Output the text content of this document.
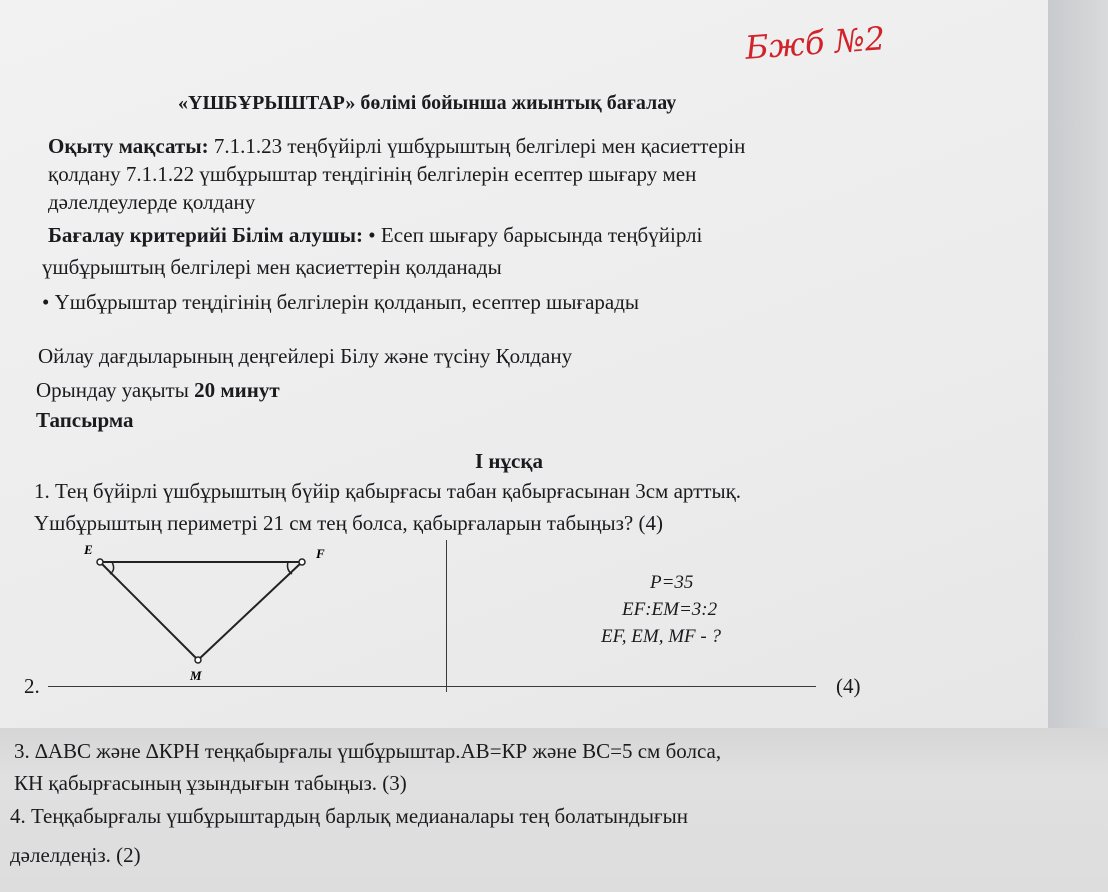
Бжб №2
«ҮШБҰРЫШТАР» бөлімі бойынша жиынтық бағалау
Оқыту мақсаты: 7.1.1.23 теңбүйірлі үшбұрыштың белгілері мен қасиеттерін
қолдану 7.1.1.22 үшбұрыштар теңдігінің белгілерін есептер шығару мен
дәлелдеулерде қолдану
Бағалау критерийі Білім алушы: • Есеп шығару барысында теңбүйірлі
үшбұрыштың белгілері мен қасиеттерін қолданады
• Үшбұрыштар теңдігінің белгілерін қолданып, есептер шығарады
Ойлау дағдыларының деңгейлері Білу және түсіну Қолдану
Орындау уақыты 20 минут
Тапсырма
I нұсқа
1. Тең бүйірлі үшбұрыштың бүйір қабырғасы табан қабырғасынан 3см арттық.
Үшбұрыштың периметрі 21 см тең болса, қабырғаларын табыңыз? (4)
2.	(4)
E	F
M
P=35
EF:EM=3:2
EF, EM, MF - ?
3. ∆АВС және ∆КРН теңқабырғалы үшбұрыштар.АВ=КР және ВС=5 см болса,
КН қабырғасының ұзындығын табыңыз. (3)
4. Теңқабырғалы үшбұрыштардың барлық медианалары тең болатындығын
дәлелдеңіз. (2)
